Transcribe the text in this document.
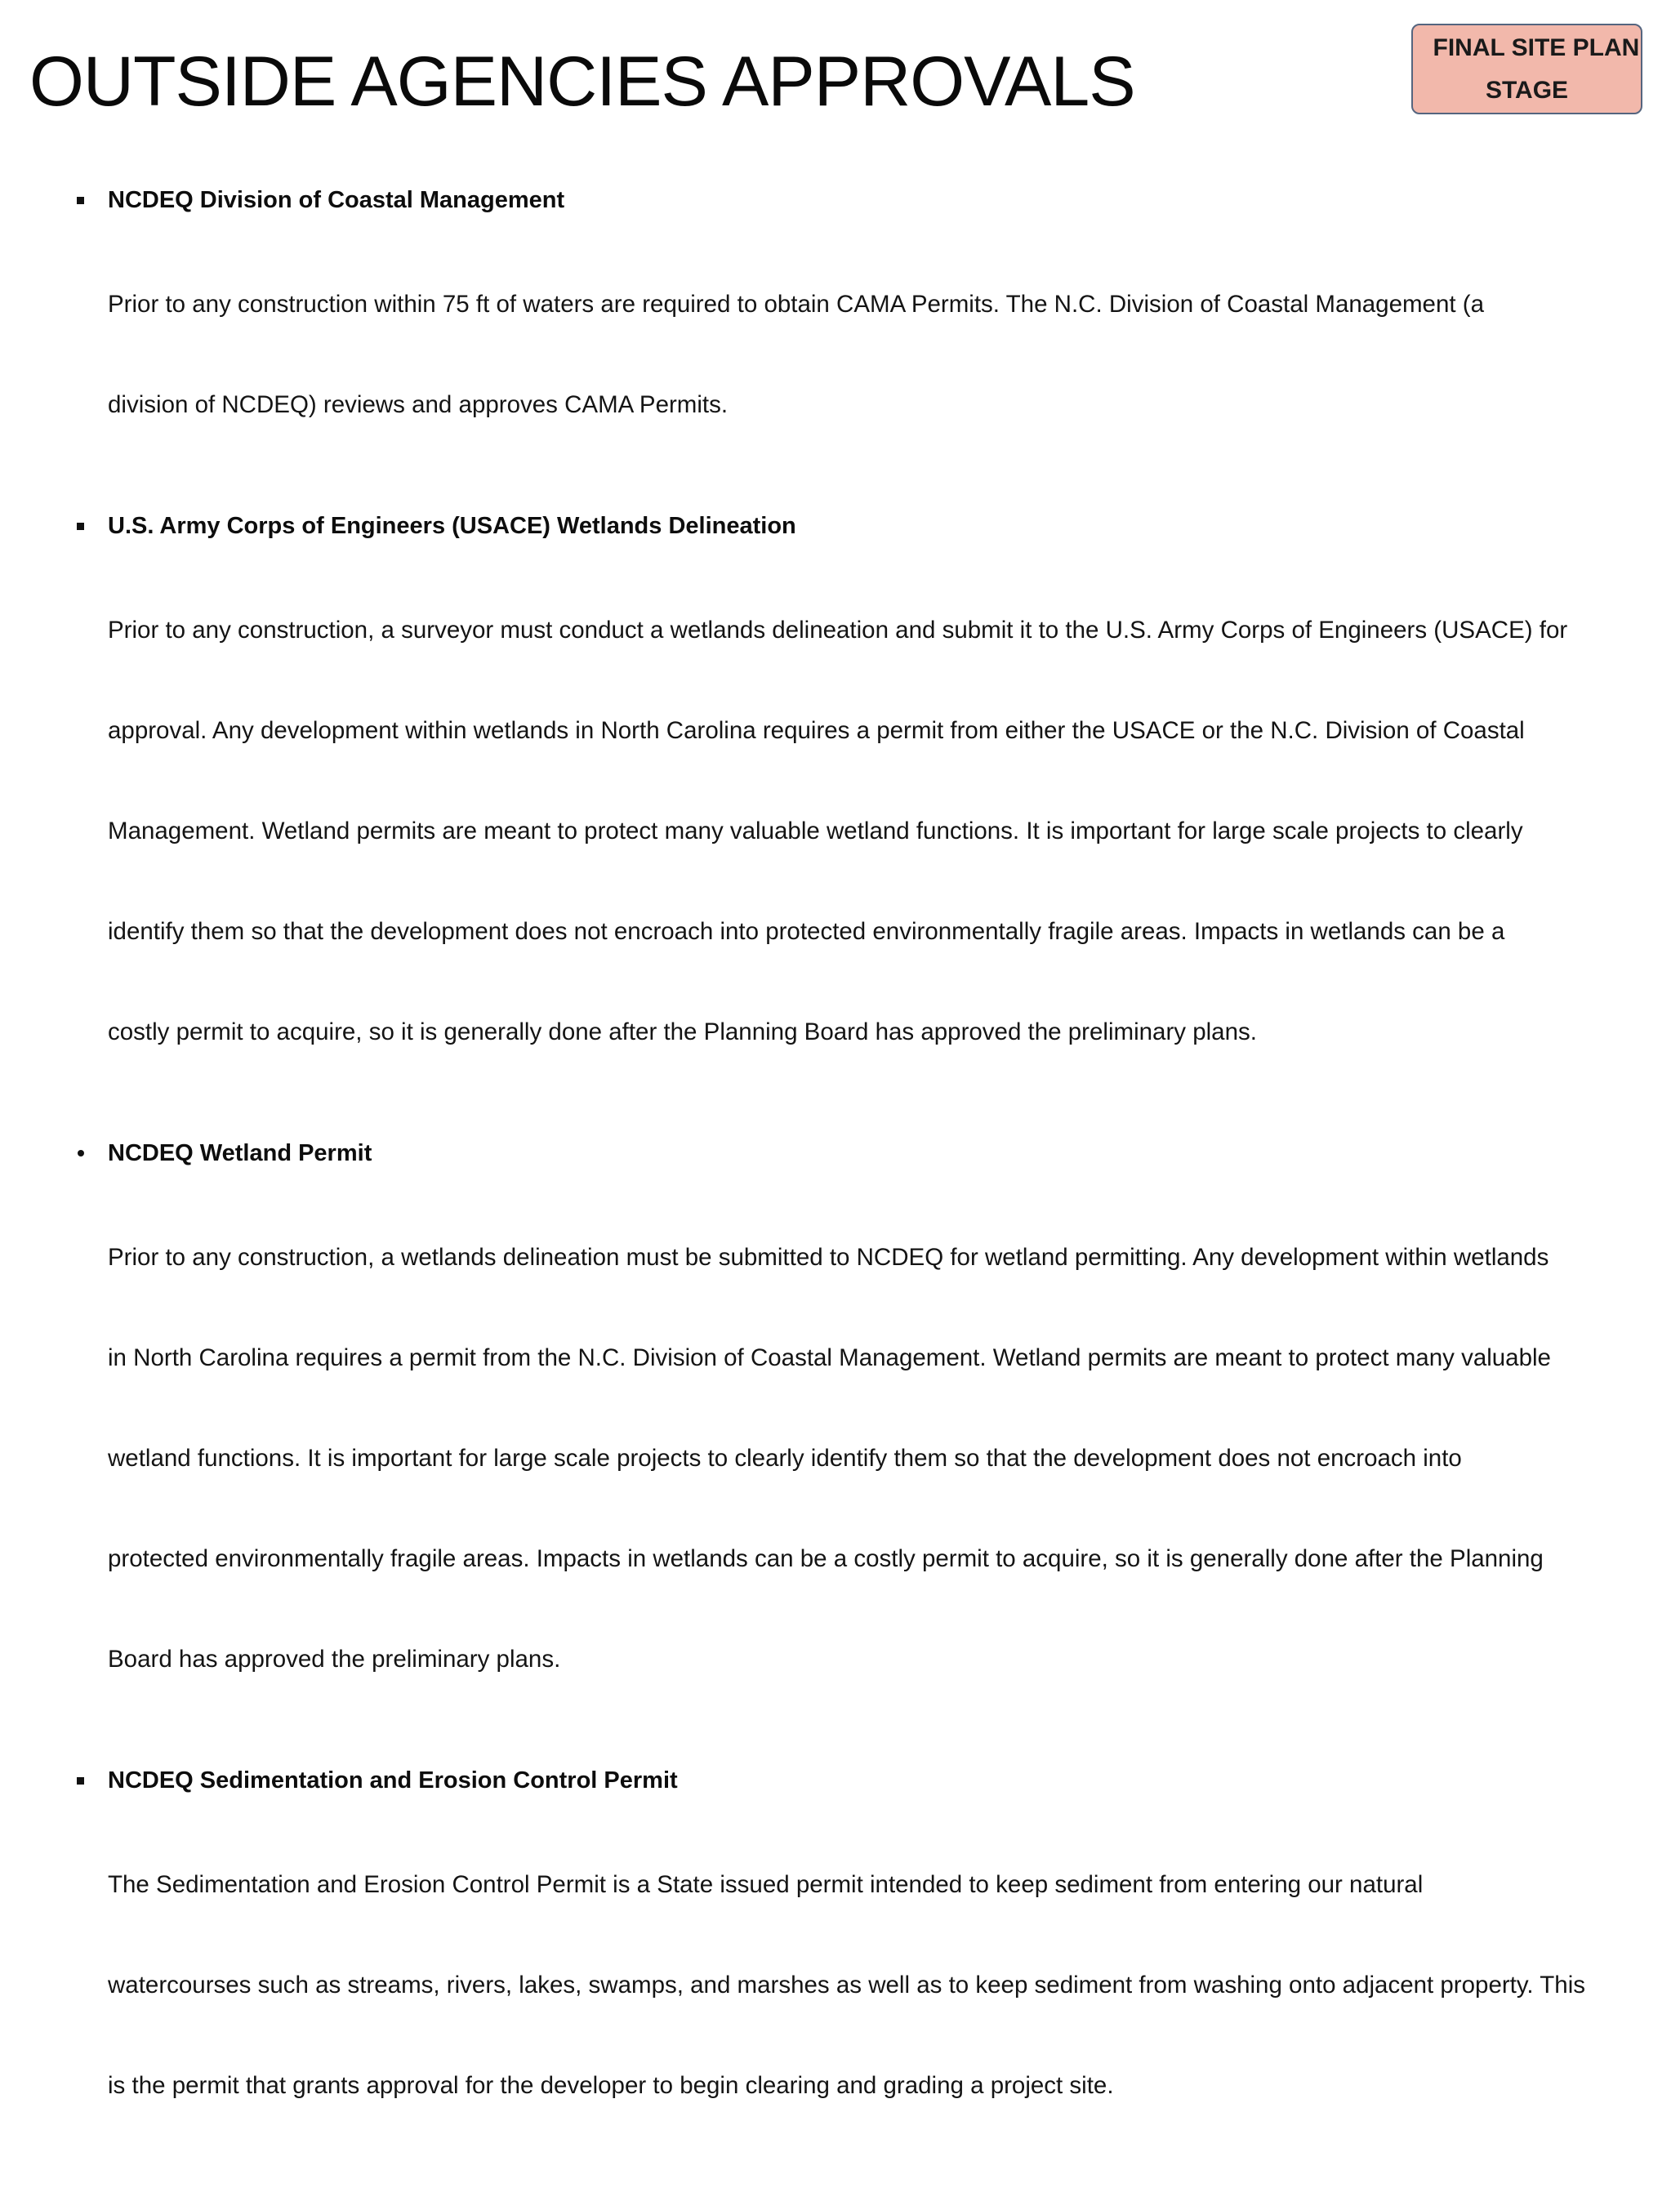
OUTSIDE AGENCIES APPROVALS	FINAL SITE PLAN
STAGE
NCDEQ Division of Coastal Management

Prior to any construction within 75 ft of waters are required to obtain CAMA Permits. The N.C. Division of Coastal Management (a

division of NCDEQ) reviews and approves CAMA Permits.

U.S. Army Corps of Engineers (USACE) Wetlands Delineation

Prior to any construction, a surveyor must conduct a wetlands delineation and submit it to the U.S. Army Corps of Engineers (USACE) for

approval. Any development within wetlands in North Carolina requires a permit from either the USACE or the N.C. Division of Coastal

Management. Wetland permits are meant to protect many valuable wetland functions. It is important for large scale projects to clearly

identify them so that the development does not encroach into protected environmentally fragile areas. Impacts in wetlands can be a

costly permit to acquire, so it is generally done after the Planning Board has approved the preliminary plans.

NCDEQ Wetland Permit

Prior to any construction, a wetlands delineation must be submitted to NCDEQ for wetland permitting. Any development within wetlands

in North Carolina requires a permit from the N.C. Division of Coastal Management. Wetland permits are meant to protect many valuable

wetland functions. It is important for large scale projects to clearly identify them so that the development does not encroach into

protected environmentally fragile areas. Impacts in wetlands can be a costly permit to acquire, so it is generally done after the Planning

Board has approved the preliminary plans.

NCDEQ Sedimentation and Erosion Control Permit

The Sedimentation and Erosion Control Permit is a State issued permit intended to keep sediment from entering our natural

watercourses such as streams, rivers, lakes, swamps, and marshes as well as to keep sediment from washing onto adjacent property. This

is the permit that grants approval for the developer to begin clearing and grading a project site.
